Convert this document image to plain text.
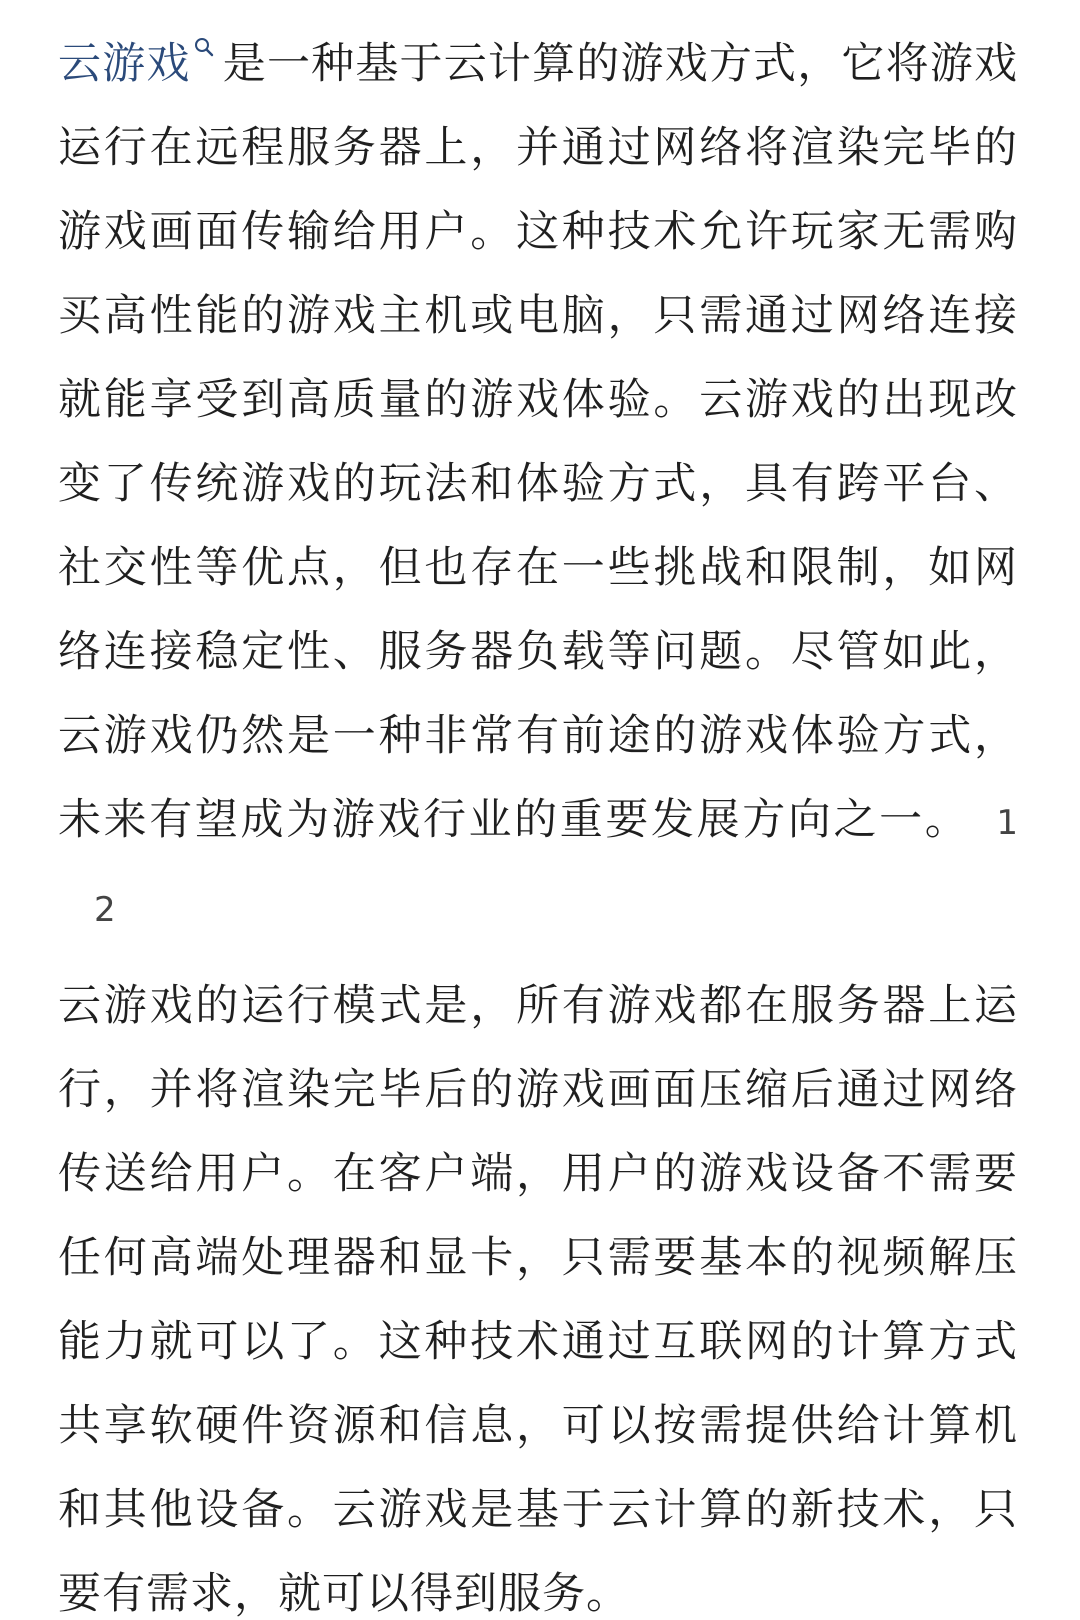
云游戏 是一种基于云计算的游戏方式，它将游戏运行在远程服务器上，并通过网络将渲染完毕的游戏画面传输给用户。这种技术允许玩家无需购买高性能的游戏主机或电脑，只需通过网络连接就能享受到高质量的游戏体验。云游戏的出现改变了传统游戏的玩法和体验方式，具有跨平台、社交性等优点，但也存在一些挑战和限制，如网络连接稳定性、服务器负载等问题。尽管如此，云游戏仍然是一种非常有前途的游戏体验方式，未来有望成为游戏行业的重要发展方向之一。 12

云游戏的运行模式是，所有游戏都在服务器上运行，并将渲染完毕后的游戏画面压缩后通过网络传送给用户。在客户端，用户的游戏设备不需要任何高端处理器和显卡，只需要基本的视频解压能力就可以了。这种技术通过互联网的计算方式共享软硬件资源和信息，可以按需提供给计算机和其他设备。云游戏是基于云计算的新技术，只要有需求，就可以得到服务。
